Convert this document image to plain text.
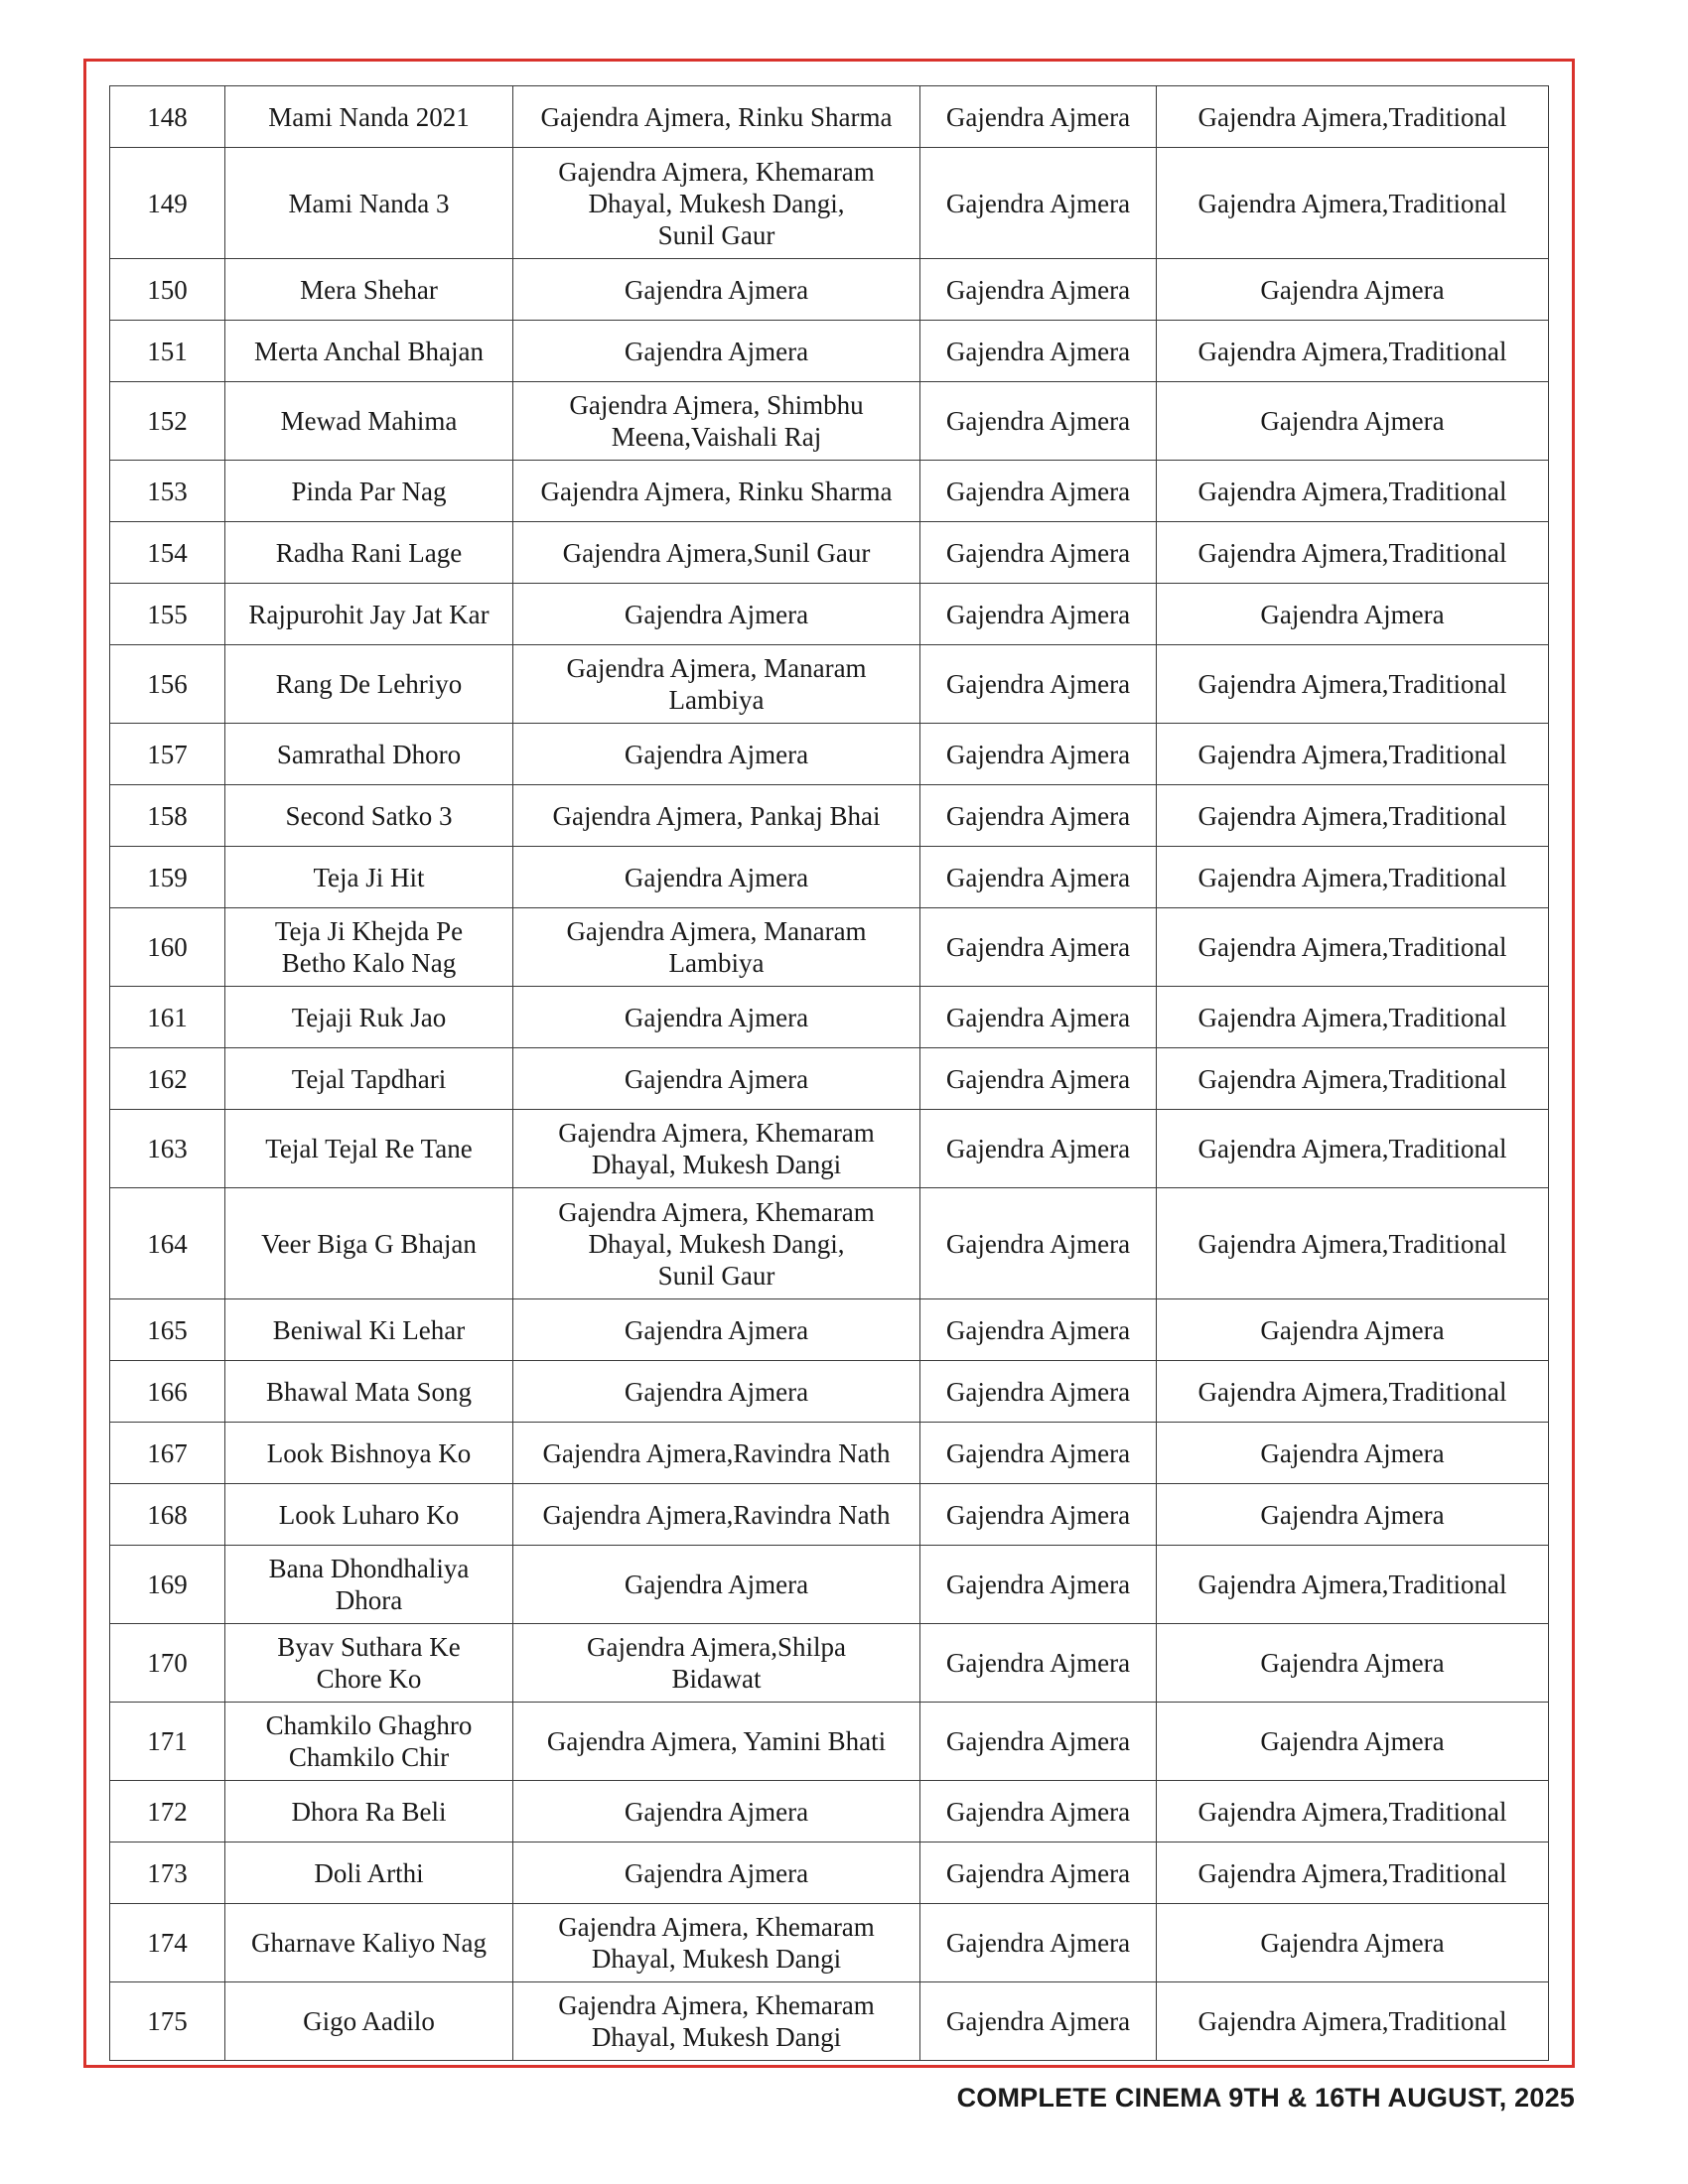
148	Mami Nanda 2021	Gajendra Ajmera, Rinku Sharma	Gajendra Ajmera	Gajendra Ajmera,Traditional
149	Mami Nanda 3	Gajendra Ajmera, Khemaram
Dhayal, Mukesh Dangi,
Sunil Gaur	Gajendra Ajmera	Gajendra Ajmera,Traditional
150	Mera Shehar	Gajendra Ajmera	Gajendra Ajmera	Gajendra Ajmera
151	Merta Anchal Bhajan	Gajendra Ajmera	Gajendra Ajmera	Gajendra Ajmera,Traditional
152	Mewad Mahima	Gajendra Ajmera, Shimbhu
Meena,Vaishali Raj	Gajendra Ajmera	Gajendra Ajmera
153	Pinda Par Nag	Gajendra Ajmera, Rinku Sharma	Gajendra Ajmera	Gajendra Ajmera,Traditional
154	Radha Rani Lage	Gajendra Ajmera,Sunil Gaur	Gajendra Ajmera	Gajendra Ajmera,Traditional
155	Rajpurohit Jay Jat Kar	Gajendra Ajmera	Gajendra Ajmera	Gajendra Ajmera
156	Rang De Lehriyo	Gajendra Ajmera, Manaram
Lambiya	Gajendra Ajmera	Gajendra Ajmera,Traditional
157	Samrathal Dhoro	Gajendra Ajmera	Gajendra Ajmera	Gajendra Ajmera,Traditional
158	Second Satko 3	Gajendra Ajmera, Pankaj Bhai	Gajendra Ajmera	Gajendra Ajmera,Traditional
159	Teja Ji Hit	Gajendra Ajmera	Gajendra Ajmera	Gajendra Ajmera,Traditional
160	Teja Ji Khejda Pe
Betho Kalo Nag	Gajendra Ajmera, Manaram
Lambiya	Gajendra Ajmera	Gajendra Ajmera,Traditional
161	Tejaji Ruk Jao	Gajendra Ajmera	Gajendra Ajmera	Gajendra Ajmera,Traditional
162	Tejal Tapdhari	Gajendra Ajmera	Gajendra Ajmera	Gajendra Ajmera,Traditional
163	Tejal Tejal Re Tane	Gajendra Ajmera, Khemaram
Dhayal, Mukesh Dangi	Gajendra Ajmera	Gajendra Ajmera,Traditional
164	Veer Biga G Bhajan	Gajendra Ajmera, Khemaram
Dhayal, Mukesh Dangi,
Sunil Gaur	Gajendra Ajmera	Gajendra Ajmera,Traditional
165	Beniwal Ki Lehar	Gajendra Ajmera	Gajendra Ajmera	Gajendra Ajmera
166	Bhawal Mata Song	Gajendra Ajmera	Gajendra Ajmera	Gajendra Ajmera,Traditional
167	Look Bishnoya Ko	Gajendra Ajmera,Ravindra Nath	Gajendra Ajmera	Gajendra Ajmera
168	Look Luharo Ko	Gajendra Ajmera,Ravindra Nath	Gajendra Ajmera	Gajendra Ajmera
169	Bana Dhondhaliya
Dhora	Gajendra Ajmera	Gajendra Ajmera	Gajendra Ajmera,Traditional
170	Byav Suthara Ke
Chore Ko	Gajendra Ajmera,Shilpa
Bidawat	Gajendra Ajmera	Gajendra Ajmera
171	Chamkilo Ghaghro
Chamkilo Chir	Gajendra Ajmera, Yamini Bhati	Gajendra Ajmera	Gajendra Ajmera
172	Dhora Ra Beli	Gajendra Ajmera	Gajendra Ajmera	Gajendra Ajmera,Traditional
173	Doli Arthi	Gajendra Ajmera	Gajendra Ajmera	Gajendra Ajmera,Traditional
174	Gharnave Kaliyo Nag	Gajendra Ajmera, Khemaram
Dhayal, Mukesh Dangi	Gajendra Ajmera	Gajendra Ajmera
175	Gigo Aadilo	Gajendra Ajmera, Khemaram
Dhayal, Mukesh Dangi	Gajendra Ajmera	Gajendra Ajmera,Traditional
COMPLETE CINEMA 9TH & 16TH AUGUST, 2025
